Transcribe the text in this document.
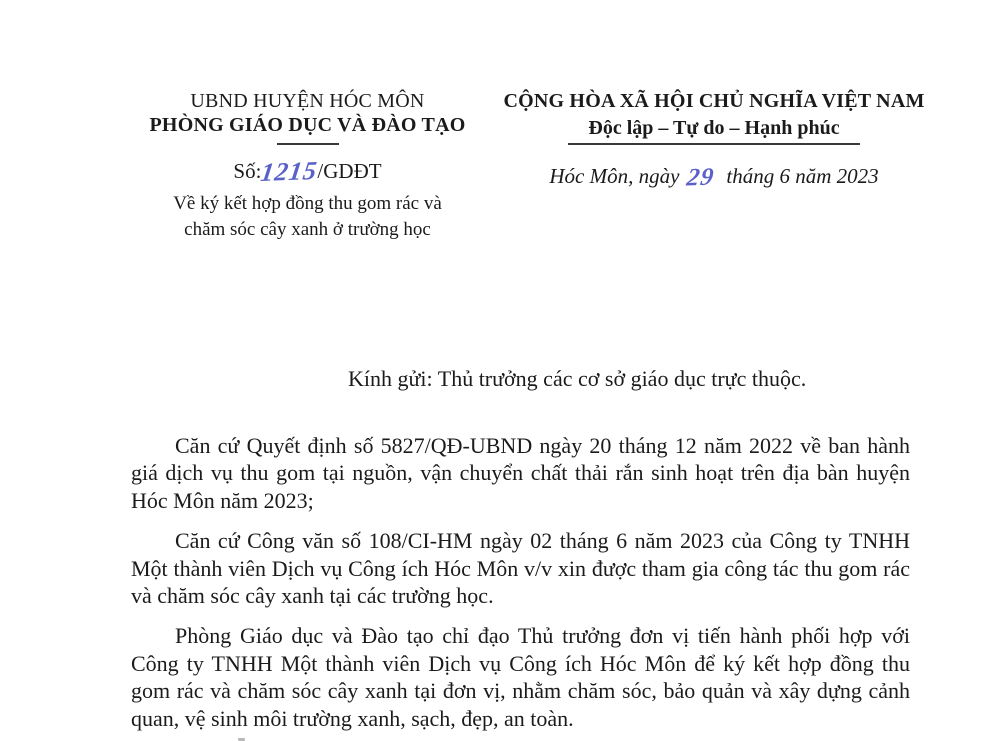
UBND HUYỆN HÓC MÔN
PHÒNG GIÁO DỤC VÀ ĐÀO TẠO
Số:1215/GDĐT
Về ký kết hợp đồng thu gom rác và
chăm sóc cây xanh ở trường học
CỘNG HÒA XÃ HỘI CHỦ NGHĨA VIỆT NAM
Độc lập – Tự do – Hạnh phúc
Hóc Môn, ngày 29 tháng 6 năm 2023
Kính gửi: Thủ trưởng các cơ sở giáo dục trực thuộc.

Căn cứ Quyết định số 5827/QĐ-UBND ngày 20 tháng 12 năm 2022 về ban hành giá dịch vụ thu gom tại nguồn, vận chuyển chất thải rắn sinh hoạt trên địa bàn huyện Hóc Môn năm 2023;

Căn cứ Công văn số 108/CI-HM ngày 02 tháng 6 năm 2023 của Công ty TNHH Một thành viên Dịch vụ Công ích Hóc Môn v/v xin được tham gia công tác thu gom rác và chăm sóc cây xanh tại các trường học.

Phòng Giáo dục và Đào tạo chỉ đạo Thủ trưởng đơn vị tiến hành phối hợp với Công ty TNHH Một thành viên Dịch vụ Công ích Hóc Môn để ký kết hợp đồng thu gom rác và chăm sóc cây xanh tại đơn vị, nhằm chăm sóc, bảo quản và xây dựng cảnh quan, vệ sinh môi trường xanh, sạch, đẹp, an toàn.
